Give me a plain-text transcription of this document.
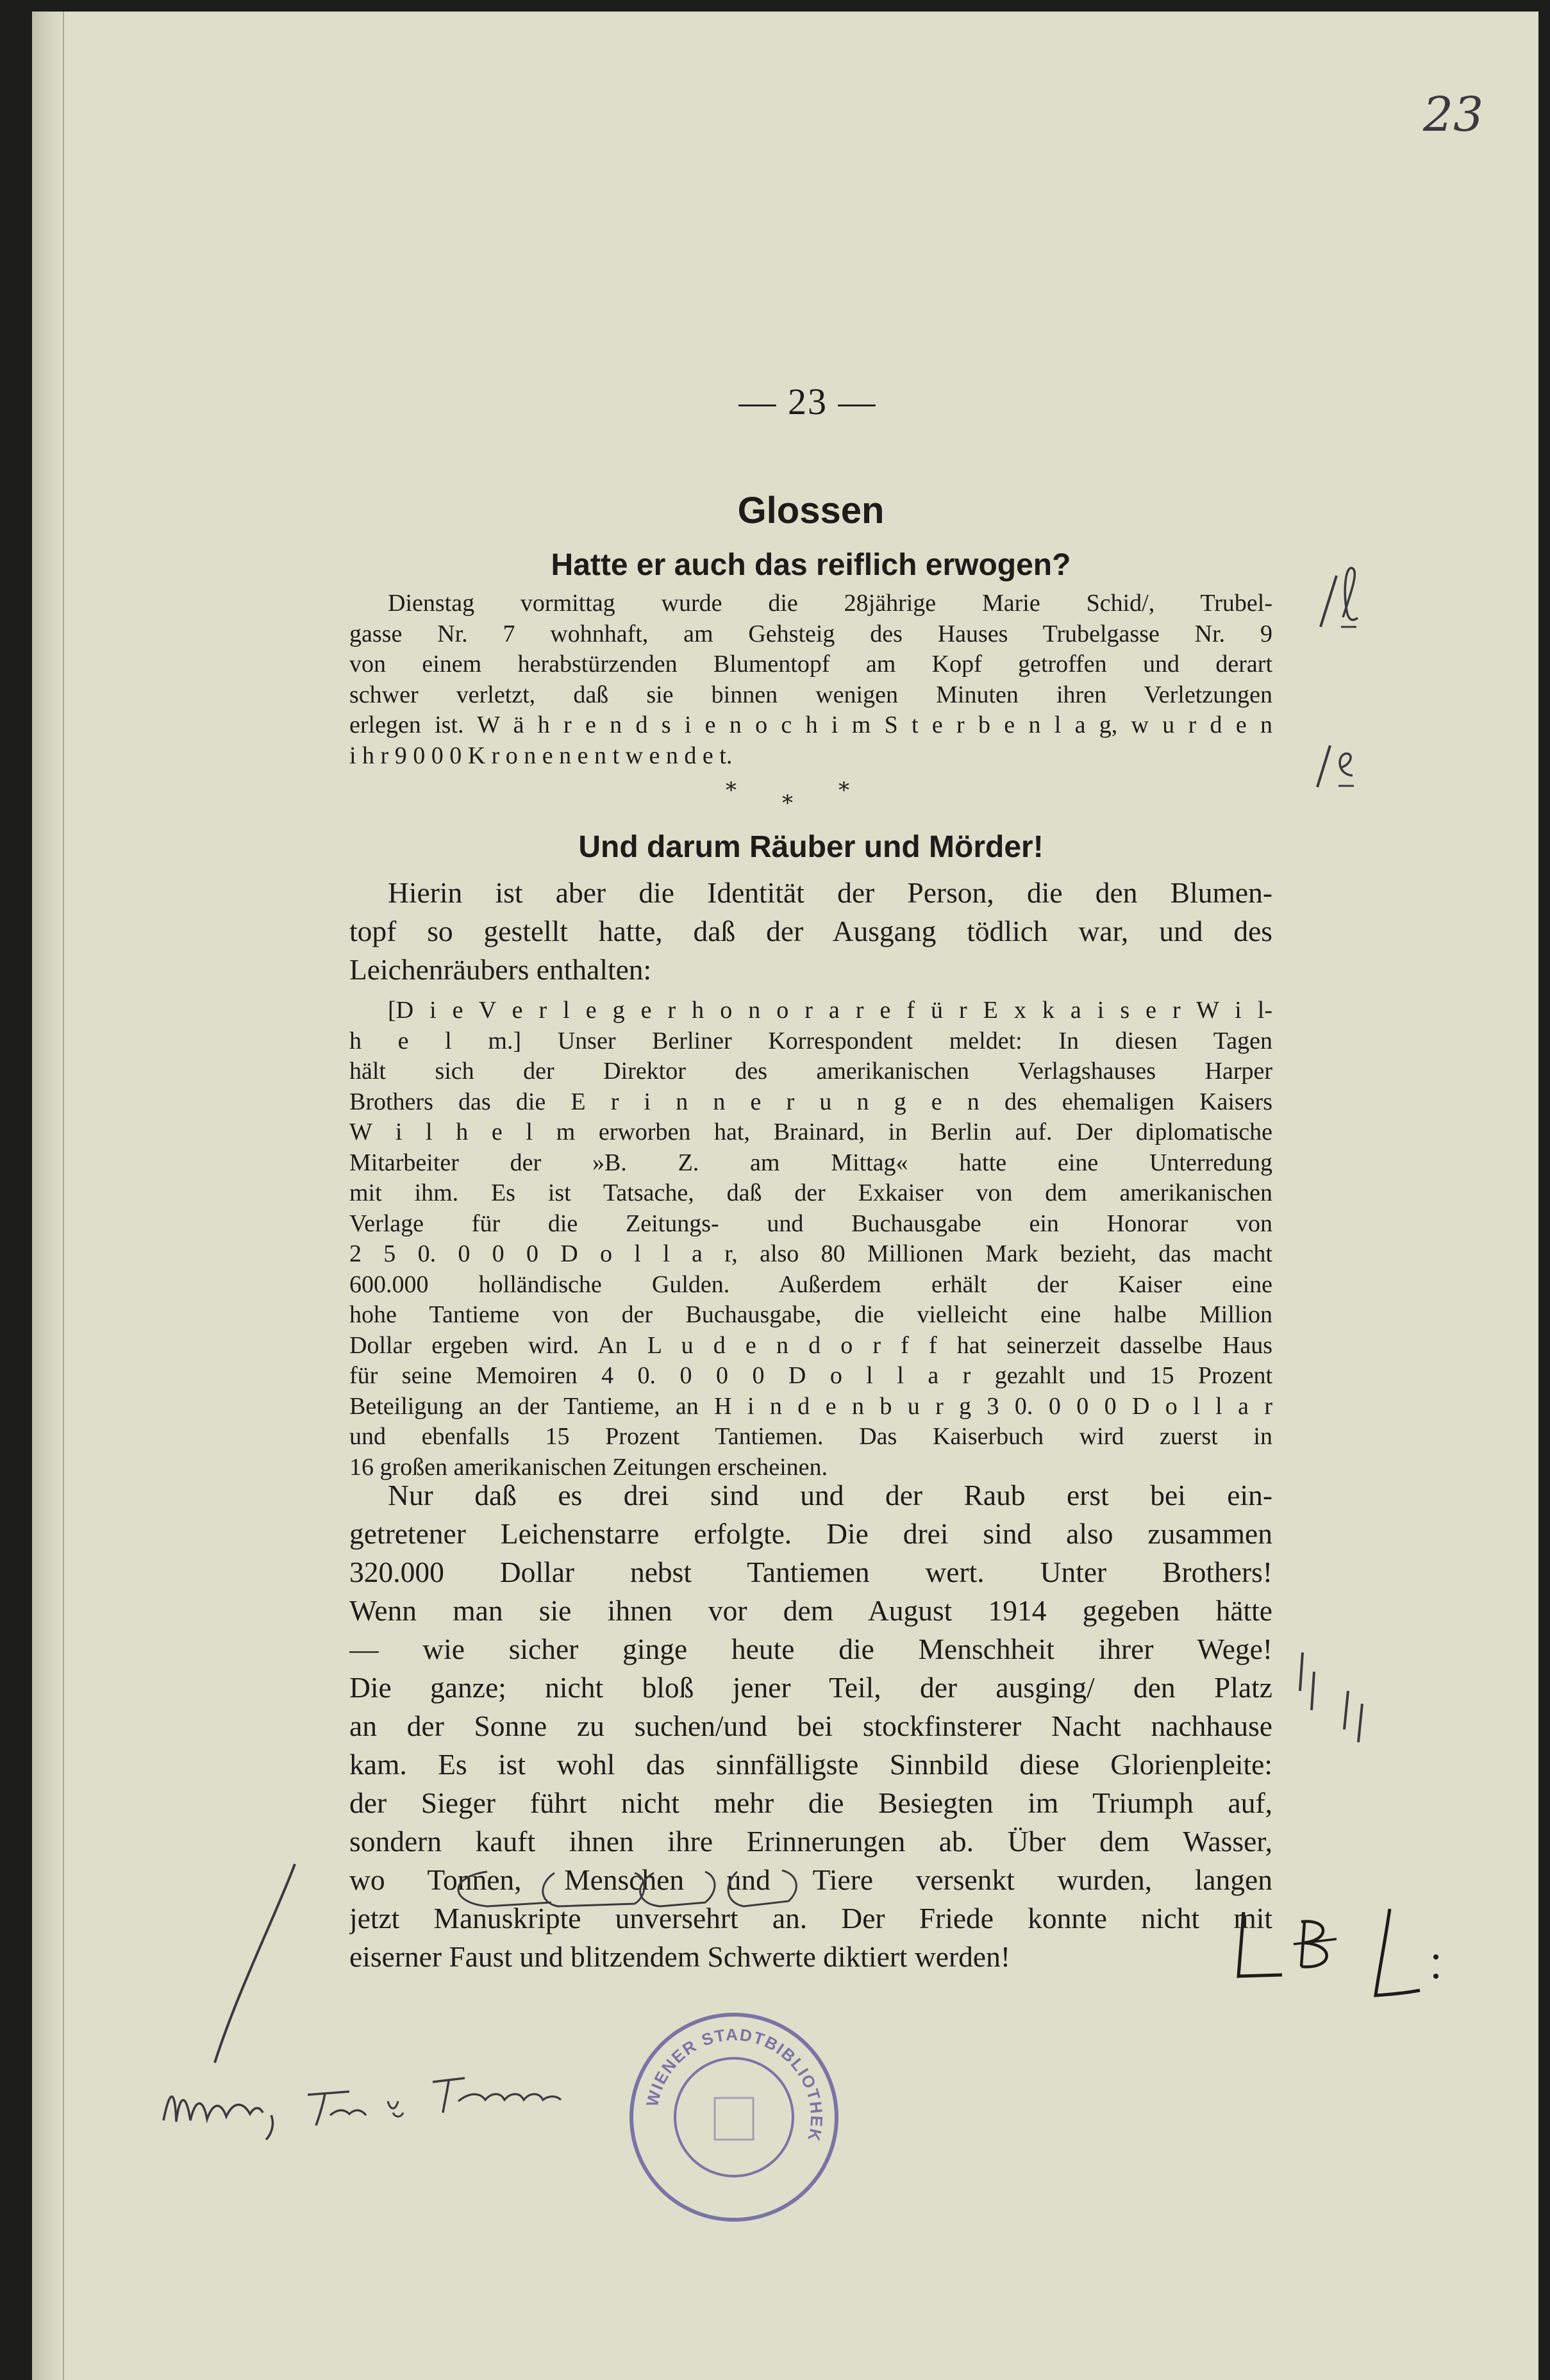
23
— 23 —
Glossen
Hatte er auch das reiflich erwogen?
Dienstag vormittag wurde die 28jährige Marie Schid/, Trubel-
gasse Nr. 7 wohnhaft, am Gehsteig des Hauses Trubelgasse Nr. 9
von einem herabstürzenden Blumentopf am Kopf getroffen und derart
schwer verletzt, daß sie binnen wenigen Minuten ihren Verletzungen
erlegen ist. W ä h r e n d s i e n o c h i m S t e r b e n l a g, w u r d e n
i h r 9 0 0 0 K r o n e n e n t w e n d e t.
* * *
Und darum Räuber und Mörder!
Hierin ist aber die Identität der Person, die den Blumen-
topf so gestellt hatte, daß der Ausgang tödlich war, und des
Leichenräubers enthalten:
[D i e V e r l e g e r h o n o r a r e f ü r E x k a i s e r W i l-
h e l m.] Unser Berliner Korrespondent meldet: In diesen Tagen
hält sich der Direktor des amerikanischen Verlagshauses Harper
Brothers das die E r i n n e r u n g e n des ehemaligen Kaisers
W i l h e l m erworben hat, Brainard, in Berlin auf. Der diplomatische
Mitarbeiter der »B. Z. am Mittag« hatte eine Unterredung
mit ihm. Es ist Tatsache, daß der Exkaiser von dem amerikanischen
Verlage für die Zeitungs- und Buchausgabe ein Honorar von
2 5 0. 0 0 0 D o l l a r, also 80 Millionen Mark bezieht, das macht
600.000 holländische Gulden. Außerdem erhält der Kaiser eine
hohe Tantieme von der Buchausgabe, die vielleicht eine halbe Million
Dollar ergeben wird. An L u d e n d o r f f hat seinerzeit dasselbe Haus
für seine Memoiren 4 0. 0 0 0 D o l l a r gezahlt und 15 Prozent
Beteiligung an der Tantieme, an H i n d e n b u r g 3 0. 0 0 0 D o l l a r
und ebenfalls 15 Prozent Tantiemen. Das Kaiserbuch wird zuerst in
16 großen amerikanischen Zeitungen erscheinen.
Nur daß es drei sind und der Raub erst bei ein-
getretener Leichenstarre erfolgte. Die drei sind also zusammen
320.000 Dollar nebst Tantiemen wert. Unter Brothers!
Wenn man sie ihnen vor dem August 1914 gegeben hätte
— wie sicher ginge heute die Menschheit ihrer Wege!
Die ganze; nicht bloß jener Teil, der ausging/ den Platz
an der Sonne zu suchen/und bei stockfinsterer Nacht nachhause
kam. Es ist wohl das sinnfälligste Sinnbild diese Glorienpleite:
der Sieger führt nicht mehr die Besiegten im Triumph auf,
sondern kauft ihnen ihre Erinnerungen ab. Über dem Wasser,
wo Tonnen, Menschen und Tiere versenkt wurden, langen
jetzt Manuskripte unversehrt an. Der Friede konnte nicht mit
eiserner Faust und blitzendem Schwerte diktiert werden!
WIENER STADTBIBLIOTHEK
